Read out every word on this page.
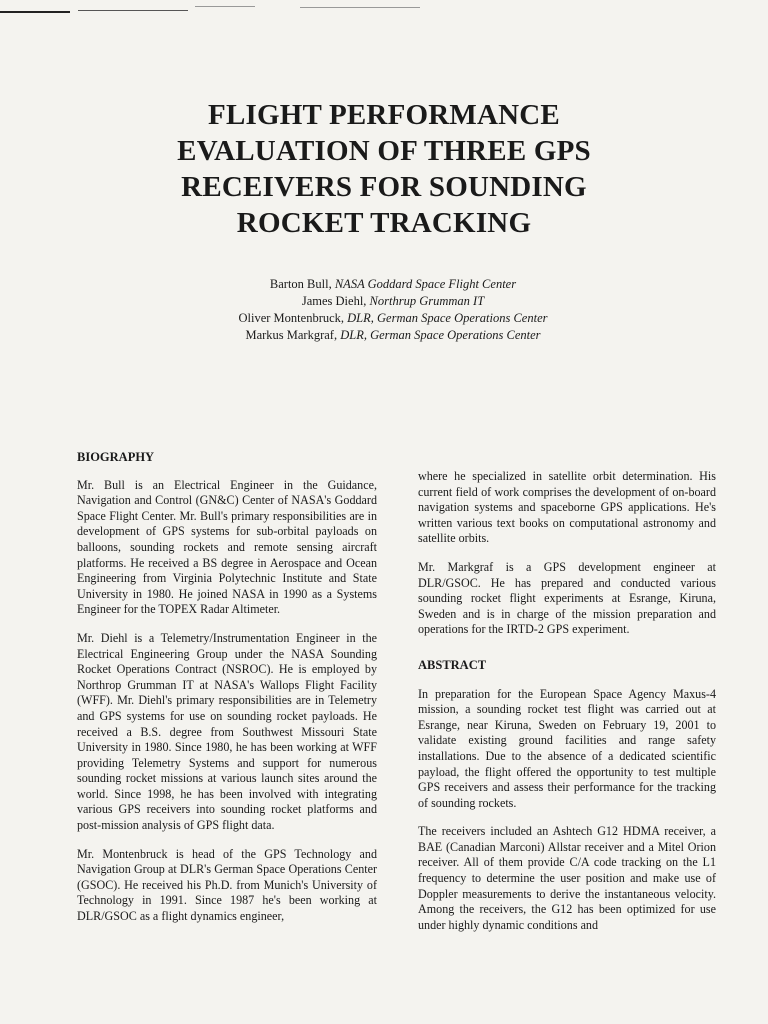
FLIGHT PERFORMANCE
EVALUATION OF THREE GPS
RECEIVERS FOR SOUNDING
ROCKET TRACKING
Barton Bull, NASA Goddard Space Flight Center
James Diehl, Northrup Grumman IT
Oliver Montenbruck, DLR, German Space Operations Center
Markus Markgraf, DLR, German Space Operations Center
BIOGRAPHY

Mr. Bull is an Electrical Engineer in the Guidance, Navigation and Control (GN&C) Center of NASA's Goddard Space Flight Center. Mr. Bull's primary responsibilities are in development of GPS systems for sub-orbital payloads on balloons, sounding rockets and remote sensing aircraft platforms. He received a BS degree in Aerospace and Ocean Engineering from Virginia Polytechnic Institute and State University in 1980. He joined NASA in 1990 as a Systems Engineer for the TOPEX Radar Altimeter.

Mr. Diehl is a Telemetry/Instrumentation Engineer in the Electrical Engineering Group under the NASA Sounding Rocket Operations Contract (NSROC). He is employed by Northrop Grumman IT at NASA's Wallops Flight Facility (WFF). Mr. Diehl's primary responsibilities are in Telemetry and GPS systems for use on sounding rocket payloads. He received a B.S. degree from Southwest Missouri State University in 1980. Since 1980, he has been working at WFF providing Telemetry Systems and support for numerous sounding rocket missions at various launch sites around the world. Since 1998, he has been involved with integrating various GPS receivers into sounding rocket platforms and post-mission analysis of GPS flight data.

Mr. Montenbruck is head of the GPS Technology and Navigation Group at DLR's German Space Operations Center (GSOC). He received his Ph.D. from Munich's University of Technology in 1991. Since 1987 he's been working at DLR/GSOC as a flight dynamics engineer,

where he specialized in satellite orbit determination. His current field of work comprises the development of on-board navigation systems and spaceborne GPS applications. He's written various text books on computational astronomy and satellite orbits.

Mr. Markgraf is a GPS development engineer at DLR/GSOC. He has prepared and conducted various sounding rocket flight experiments at Esrange, Kiruna, Sweden and is in charge of the mission preparation and operations for the IRTD-2 GPS experiment.

ABSTRACT

In preparation for the European Space Agency Maxus-4 mission, a sounding rocket test flight was carried out at Esrange, near Kiruna, Sweden on February 19, 2001 to validate existing ground facilities and range safety installations. Due to the absence of a dedicated scientific payload, the flight offered the opportunity to test multiple GPS receivers and assess their performance for the tracking of sounding rockets.

The receivers included an Ashtech G12 HDMA receiver, a BAE (Canadian Marconi) Allstar receiver and a Mitel Orion receiver. All of them provide C/A code tracking on the L1 frequency to determine the user position and make use of Doppler measurements to derive the instantaneous velocity. Among the receivers, the G12 has been optimized for use under highly dynamic conditions and
